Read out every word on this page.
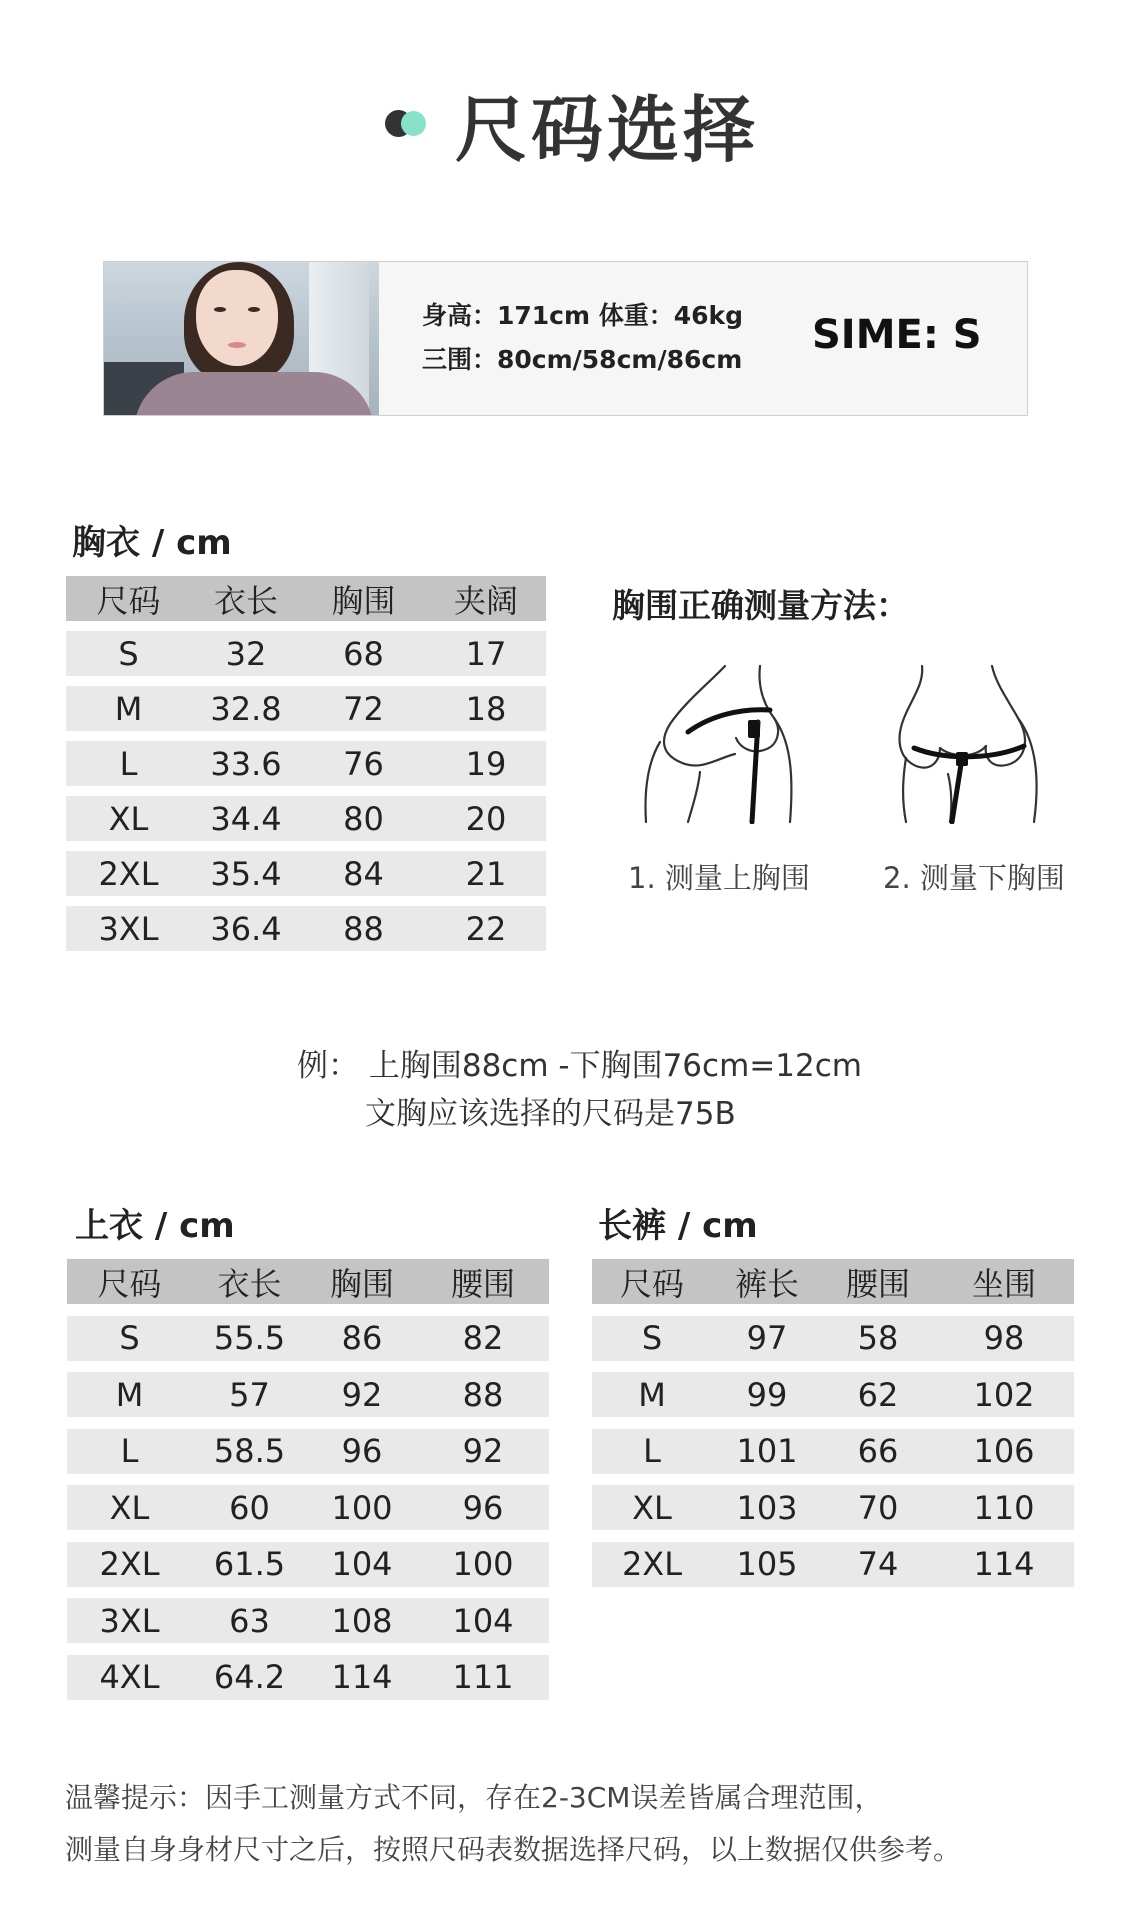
尺码选择
身高：171cm 体重：46kg
三围：80cm/58cm/86cm
SIME: S
胸衣 / cm
尺码	衣长	胸围	夹阔
S	32	68	17
M	32.8	72	18
L	33.6	76	19
XL	34.4	80	20
2XL	35.4	84	21
3XL	36.4	88	22
胸围正确测量方法：
1. 测量上胸围	2. 测量下胸围
例： 上胸围88cm -下胸围76cm=12cm
文胸应该选择的尺码是75B
上衣 / cm
尺码	衣长	胸围	腰围
S	55.5	86	82
M	57	92	88
L	58.5	96	92
XL	60	100	96
2XL	61.5	104	100
3XL	63	108	104
4XL	64.2	114	111
长裤 / cm
尺码	裤长	腰围	坐围
S	97	58	98
M	99	62	102
L	101	66	106
XL	103	70	110
2XL	105	74	114
温馨提示：因手工测量方式不同，存在2-3CM误差皆属合理范围，
测量自身身材尺寸之后，按照尺码表数据选择尺码，以上数据仅供参考。
